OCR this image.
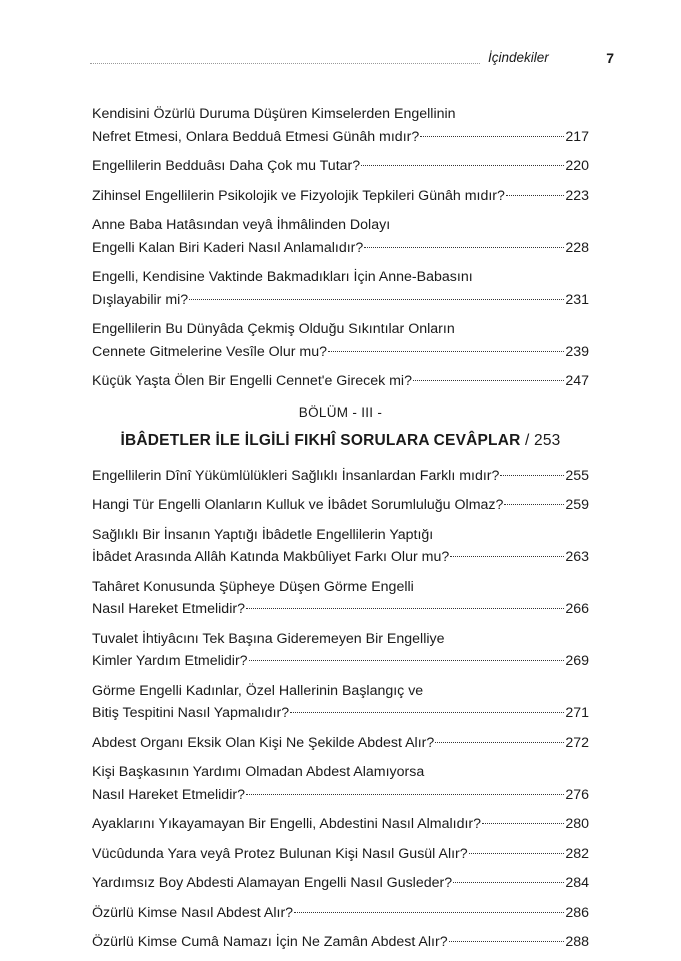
İçindekiler	7
Kendisini Özürlü Duruma Düşüren Kimselerden Engellinin
Nefret Etmesi, Onlara Bedduâ Etmesi Günâh mıdır?	217
Engellilerin Bedduâsı Daha Çok mu Tutar?	220
Zihinsel Engellilerin Psikolojik ve Fizyolojik Tepkileri Günâh mıdır?	223
Anne Baba Hatâsından veyâ İhmâlinden Dolayı
Engelli Kalan Biri Kaderi Nasıl Anlamalıdır?	228
Engelli, Kendisine Vaktinde Bakmadıkları İçin Anne-Babasını
Dışlayabilir mi?	231
Engellilerin Bu Dünyâda Çekmiş Olduğu Sıkıntılar Onların
Cennete Gitmelerine Vesîle Olur mu?	239
Küçük Yaşta Ölen Bir Engelli Cennet'e Girecek mi?	247
BÖLÜM - III -
İBÂDETLER İLE İLGİLİ FIKHÎ SORULARA CEVÂPLAR / 253
Engellilerin Dînî Yükümlülükleri Sağlıklı İnsanlardan Farklı mıdır?	255
Hangi Tür Engelli Olanların Kulluk ve İbâdet Sorumluluğu Olmaz?	259
Sağlıklı Bir İnsanın Yaptığı İbâdetle Engellilerin Yaptığı
İbâdet Arasında Allâh Katında Makbûliyet Farkı Olur mu?	263
Tahâret Konusunda Şüpheye Düşen Görme Engelli
Nasıl Hareket Etmelidir?	266
Tuvalet İhtiyâcını Tek Başına Gideremeyen Bir Engelliye
Kimler Yardım Etmelidir?	269
Görme Engelli Kadınlar, Özel Hallerinin Başlangıç ve
Bitiş Tespitini Nasıl Yapmalıdır?	271
Abdest Organı Eksik Olan Kişi Ne Şekilde Abdest Alır?	272
Kişi Başkasının Yardımı Olmadan Abdest Alamıyorsa
Nasıl Hareket Etmelidir?	276
Ayaklarını Yıkayamayan Bir Engelli, Abdestini Nasıl Almalıdır?	280
Vücûdunda Yara veyâ Protez Bulunan Kişi Nasıl Gusül Alır?	282
Yardımsız Boy Abdesti Alamayan Engelli Nasıl Gusleder?	284
Özürlü Kimse Nasıl Abdest Alır?	286
Özürlü Kimse Cumâ Namazı İçin Ne Zamân Abdest Alır?	288
